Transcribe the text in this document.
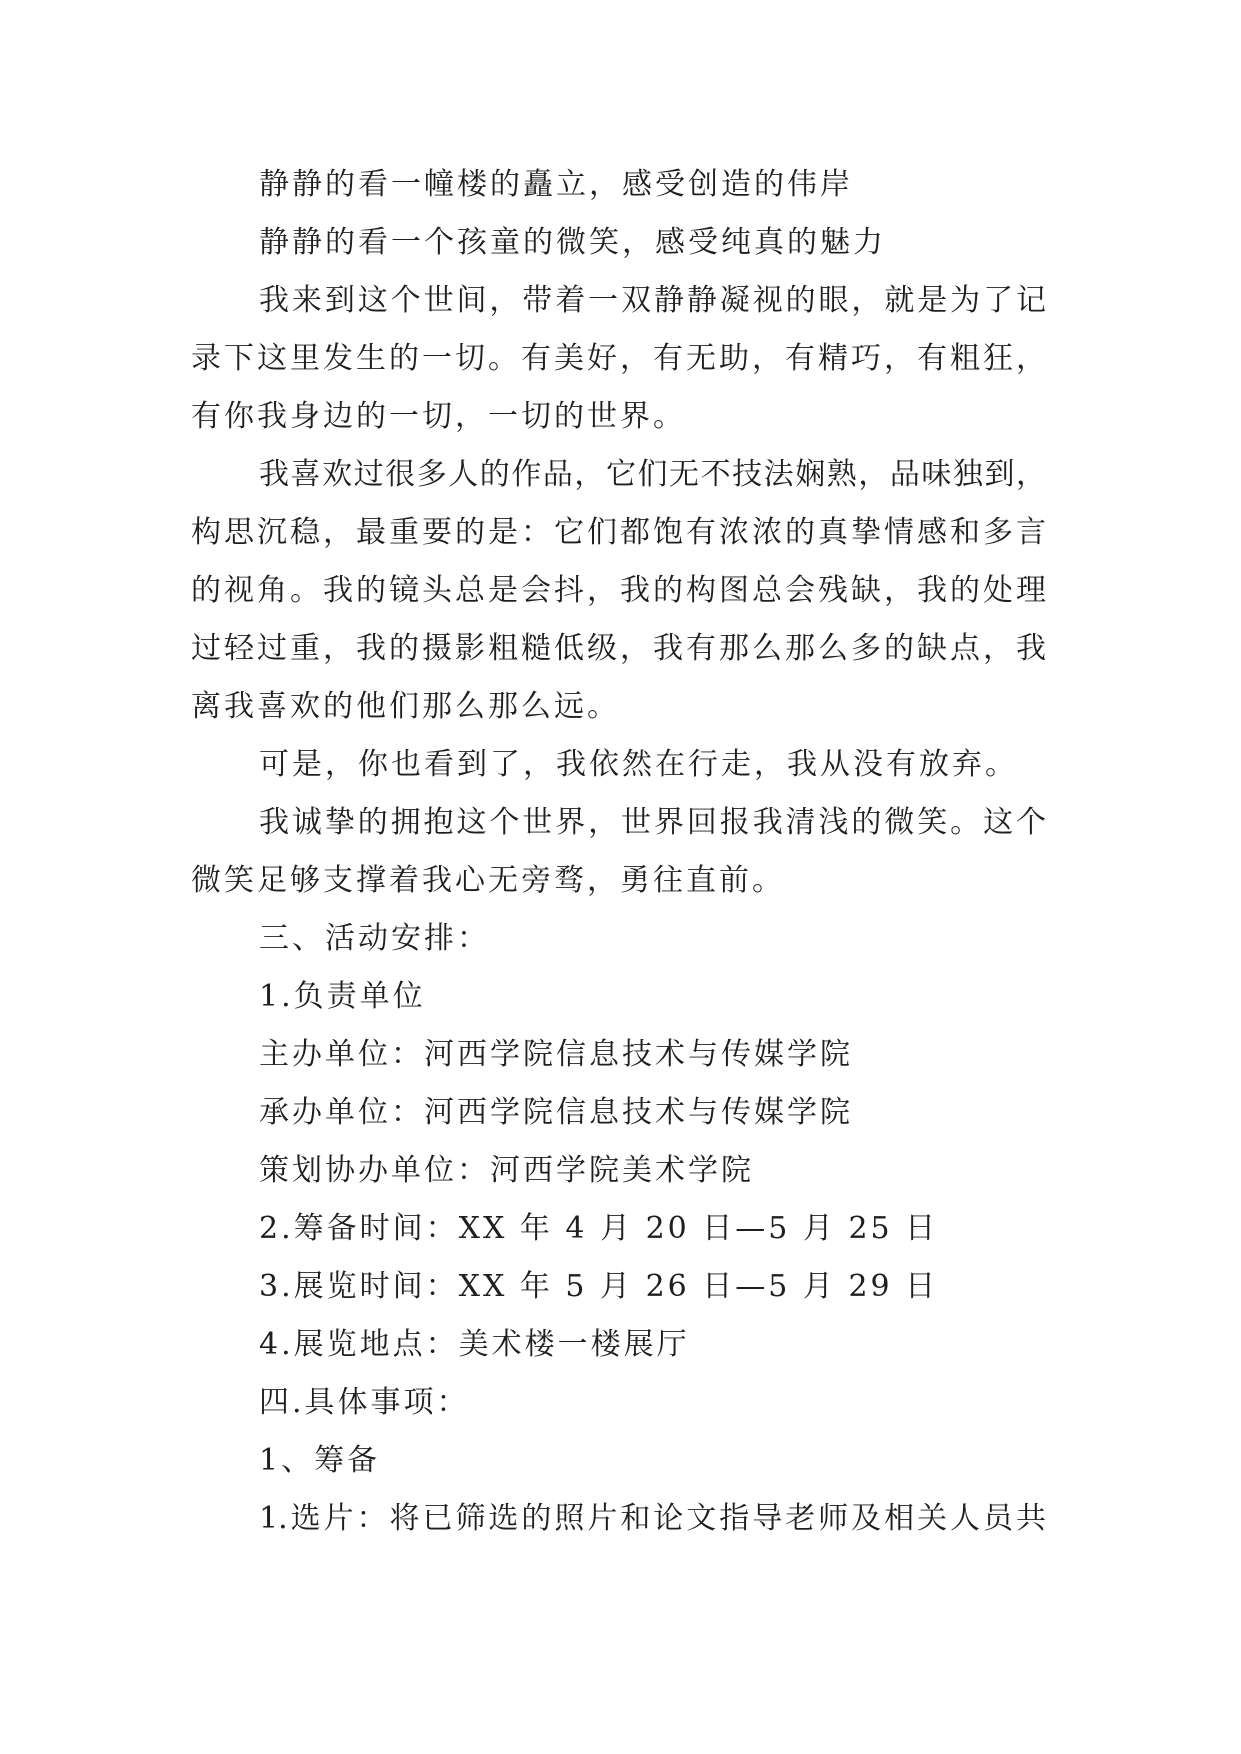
静静的看一幢楼的矗立，感受创造的伟岸
静静的看一个孩童的微笑，感受纯真的魅力
我来到这个世间，带着一双静静凝视的眼，就是为了记
录下这里发生的一切。有美好，有无助，有精巧，有粗狂，
有你我身边的一切，一切的世界。
我喜欢过很多人的作品，它们无不技法娴熟，品味独到，
构思沉稳，最重要的是：它们都饱有浓浓的真挚情感和多言
的视角。我的镜头总是会抖，我的构图总会残缺，我的处理
过轻过重，我的摄影粗糙低级，我有那么那么多的缺点，我
离我喜欢的他们那么那么远。
可是，你也看到了，我依然在行走，我从没有放弃。
我诚挚的拥抱这个世界，世界回报我清浅的微笑。这个
微笑足够支撑着我心无旁骛，勇往直前。
三、活动安排：
1.负责单位
主办单位：河西学院信息技术与传媒学院
承办单位：河西学院信息技术与传媒学院
策划协办单位：河西学院美术学院
2.筹备时间：XX 年 4 月 20 日—5 月 25 日
3.展览时间：XX 年 5 月 26 日—5 月 29 日
4.展览地点：美术楼一楼展厅
四.具体事项：
1、筹备
1.选片：将已筛选的照片和论文指导老师及相关人员共
